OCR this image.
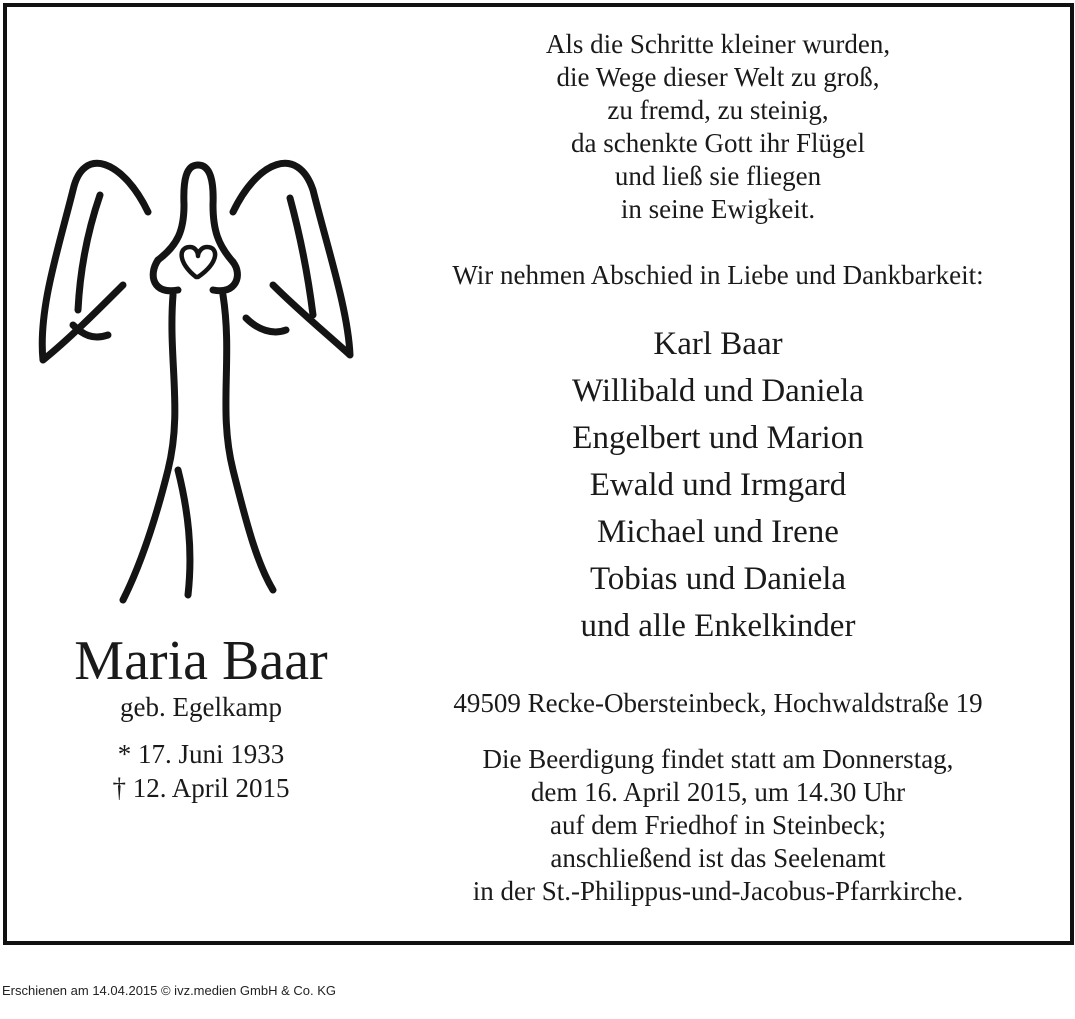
Maria Baar
geb. Egelkamp
* 17. Juni 1933
† 12. April 2015
Als die Schritte kleiner wurden,
die Wege dieser Welt zu groß,
zu fremd, zu steinig,
da schenkte Gott ihr Flügel
und ließ sie fliegen
in seine Ewigkeit.
Wir nehmen Abschied in Liebe und Dankbarkeit:
Karl Baar
Willibald und Daniela
Engelbert und Marion
Ewald und Irmgard
Michael und Irene
Tobias und Daniela
und alle Enkelkinder
49509 Recke-Obersteinbeck, Hochwaldstraße 19
Die Beerdigung findet statt am Donnerstag,
dem 16. April 2015, um 14.30 Uhr
auf dem Friedhof in Steinbeck;
anschließend ist das Seelenamt
in der St.-Philippus-und-Jacobus-Pfarrkirche.
Erschienen am 14.04.2015 © ivz.medien GmbH & Co. KG
